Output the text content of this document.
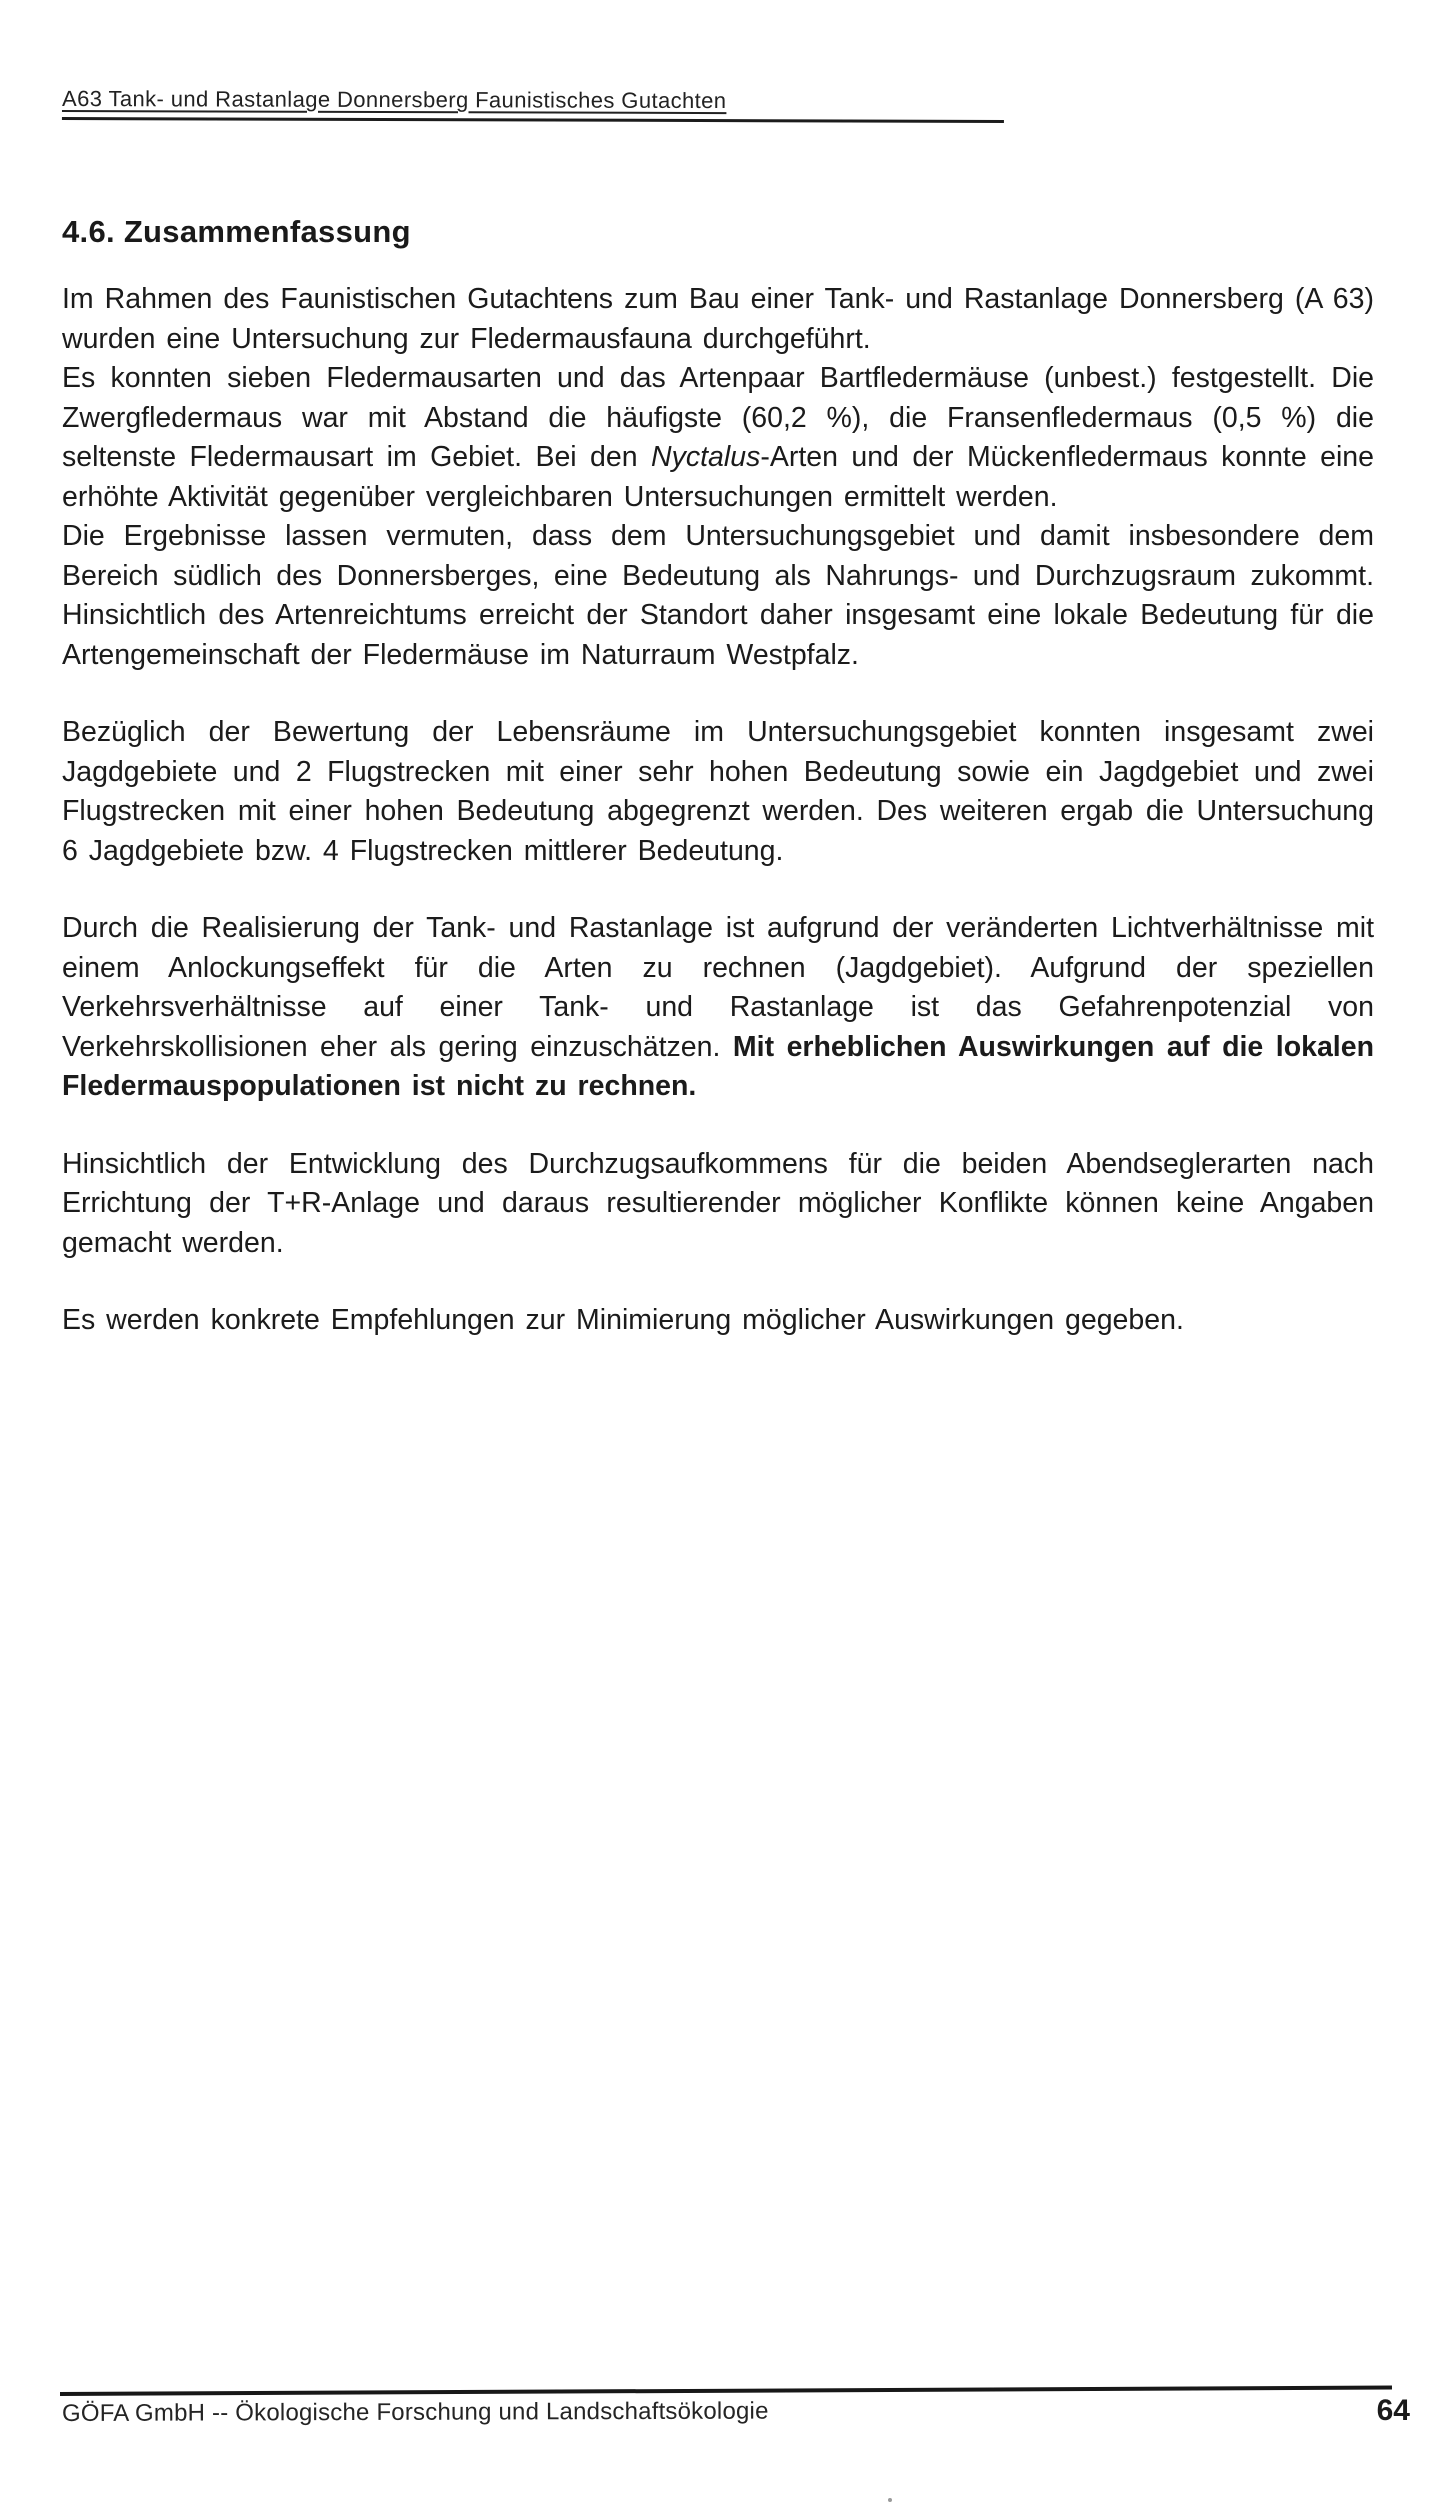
A63 Tank- und Rastanlage Donnersberg Faunistisches Gutachten
4.6. Zusammenfassung

Im Rahmen des Faunistischen Gutachtens zum Bau einer Tank- und Rastanlage Donnersberg (A 63) wurden eine Untersuchung zur Fledermausfauna durchgeführt.

Es konnten sieben Fledermausarten und das Artenpaar Bartfledermäuse (unbest.) festgestellt. Die Zwergfledermaus war mit Abstand die häufigste (60,2 %), die Fransenfledermaus (0,5 %) die seltenste Fledermausart im Gebiet. Bei den Nyctalus-Arten und der Mückenfledermaus konnte eine erhöhte Aktivität gegenüber vergleichbaren Untersuchungen ermittelt werden.

Die Ergebnisse lassen vermuten, dass dem Untersuchungsgebiet und damit insbesondere dem Bereich südlich des Donnersberges, eine Bedeutung als Nahrungs- und Durchzugsraum zukommt. Hinsichtlich des Artenreichtums erreicht der Standort daher insgesamt eine lokale Bedeutung für die Artengemeinschaft der Fledermäuse im Naturraum Westpfalz.

Bezüglich der Bewertung der Lebensräume im Untersuchungsgebiet konnten insgesamt zwei Jagdgebiete und 2 Flugstrecken mit einer sehr hohen Bedeutung sowie ein Jagdgebiet und zwei Flugstrecken mit einer hohen Bedeutung abgegrenzt werden. Des weiteren ergab die Untersuchung 6 Jagdgebiete bzw. 4 Flugstrecken mittlerer Bedeutung.

Durch die Realisierung der Tank- und Rastanlage ist aufgrund der veränderten Lichtverhältnisse mit einem Anlockungseffekt für die Arten zu rechnen (Jagdgebiet). Aufgrund der speziellen Verkehrsverhältnisse auf einer Tank- und Rastanlage ist das Gefahrenpotenzial von Verkehrskollisionen eher als gering einzuschätzen. Mit erheblichen Auswirkungen auf die lokalen Fledermauspopulationen ist nicht zu rechnen.

Hinsichtlich der Entwicklung des Durchzugsaufkommens für die beiden Abendseglerarten nach Errichtung der T+R-Anlage und daraus resultierender möglicher Konflikte können keine Angaben gemacht werden.

Es werden konkrete Empfehlungen zur Minimierung möglicher Auswirkungen gegeben.

GÖFA GmbH -- Ökologische Forschung und Landschaftsökologie	64
